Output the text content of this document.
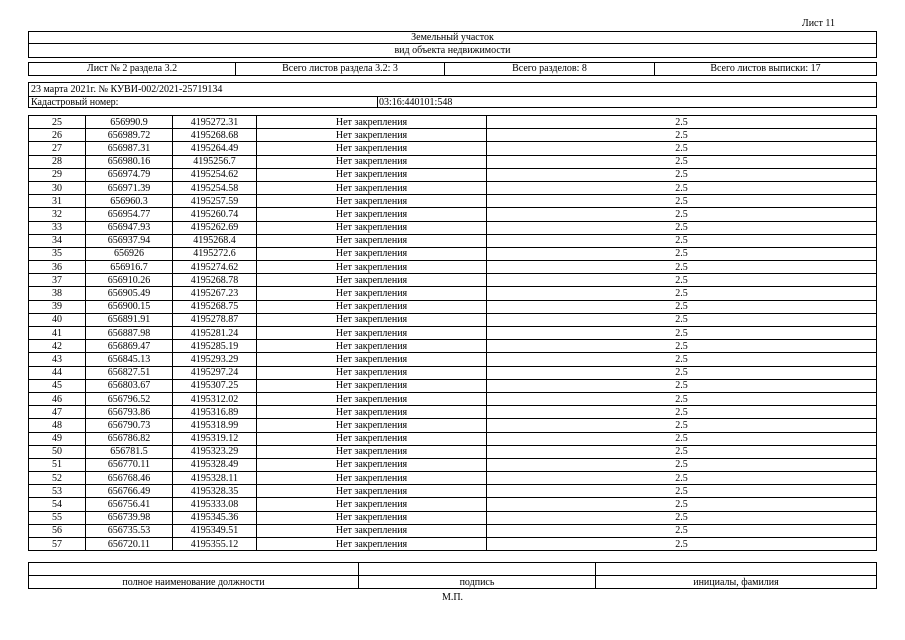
Лист 11
Земельный участок
вид объекта недвижимости
Лист № 2 раздела 3.2	Всего листов раздела 3.2: 3	Всего разделов: 8	Всего листов выписки: 17
23 марта 2021г. № КУВИ-002/2021-25719134
Кадастровый номер:	03:16:440101:548
25	656990.9	4195272.31	Нет закрепления	2.5
26	656989.72	4195268.68	Нет закрепления	2.5
27	656987.31	4195264.49	Нет закрепления	2.5
28	656980.16	4195256.7	Нет закрепления	2.5
29	656974.79	4195254.62	Нет закрепления	2.5
30	656971.39	4195254.58	Нет закрепления	2.5
31	656960.3	4195257.59	Нет закрепления	2.5
32	656954.77	4195260.74	Нет закрепления	2.5
33	656947.93	4195262.69	Нет закрепления	2.5
34	656937.94	4195268.4	Нет закрепления	2.5
35	656926	4195272.6	Нет закрепления	2.5
36	656916.7	4195274.62	Нет закрепления	2.5
37	656910.26	4195268.78	Нет закрепления	2.5
38	656905.49	4195267.23	Нет закрепления	2.5
39	656900.15	4195268.75	Нет закрепления	2.5
40	656891.91	4195278.87	Нет закрепления	2.5
41	656887.98	4195281.24	Нет закрепления	2.5
42	656869.47	4195285.19	Нет закрепления	2.5
43	656845.13	4195293.29	Нет закрепления	2.5
44	656827.51	4195297.24	Нет закрепления	2.5
45	656803.67	4195307.25	Нет закрепления	2.5
46	656796.52	4195312.02	Нет закрепления	2.5
47	656793.86	4195316.89	Нет закрепления	2.5
48	656790.73	4195318.99	Нет закрепления	2.5
49	656786.82	4195319.12	Нет закрепления	2.5
50	656781.5	4195323.29	Нет закрепления	2.5
51	656770.11	4195328.49	Нет закрепления	2.5
52	656768.46	4195328.11	Нет закрепления	2.5
53	656766.49	4195328.35	Нет закрепления	2.5
54	656756.41	4195333.08	Нет закрепления	2.5
55	656739.98	4195345.36	Нет закрепления	2.5
56	656735.53	4195349.51	Нет закрепления	2.5
57	656720.11	4195355.12	Нет закрепления	2.5

полное наименование должности	подпись	инициалы, фамилия
М.П.
